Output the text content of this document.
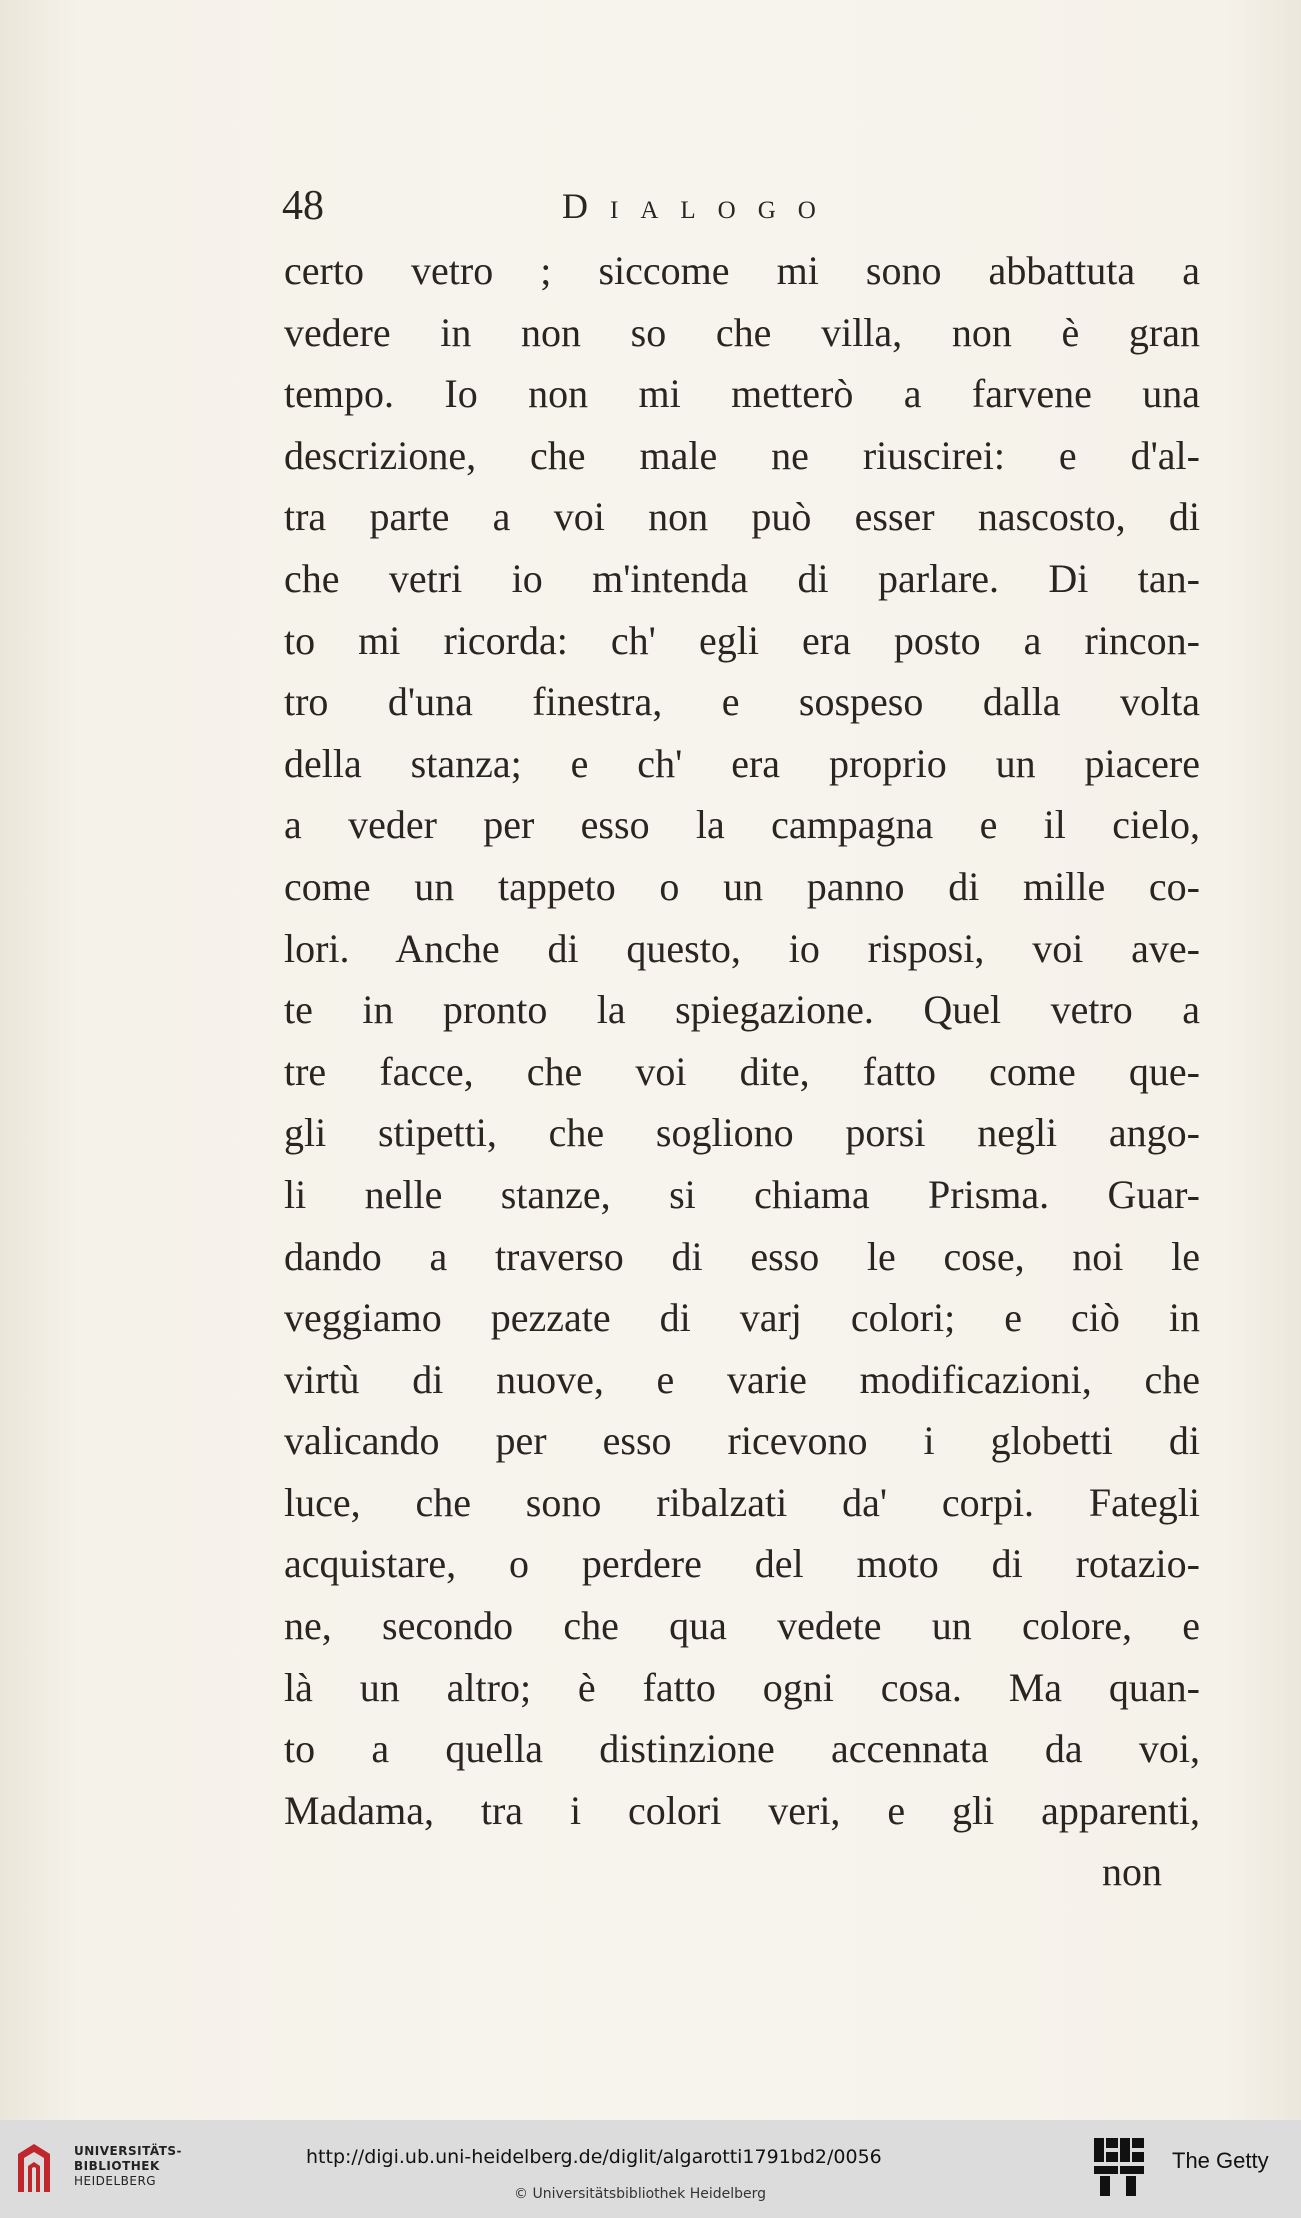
48	Dialogo
certo vetro ; siccome mi sono abbattuta a
vedere in non so che villa, non è gran
tempo. Io non mi metterò a farvene una
descrizione, che male ne riuscirei: e d'al-
tra parte a voi non può esser nascosto, di
che vetri io m'intenda di parlare. Di tan-
to mi ricorda: ch' egli era posto a rincon-
tro d'una finestra, e sospeso dalla volta
della stanza; e ch' era proprio un piacere
a veder per esso la campagna e il cielo,
come un tappeto o un panno di mille co-
lori. Anche di questo, io risposi, voi ave-
te in pronto la spiegazione. Quel vetro a
tre facce, che voi dite, fatto come que-
gli stipetti, che sogliono porsi negli ango-
li nelle stanze, si chiama Prisma. Guar-
dando a traverso di esso le cose, noi le
veggiamo pezzate di varj colori; e ciò in
virtù di nuove, e varie modificazioni, che
valicando per esso ricevono i globetti di
luce, che sono ribalzati da' corpi. Fategli
acquistare, o perdere del moto di rotazio-
ne, secondo che qua vedete un colore, e
là un altro; è fatto ogni cosa. Ma quan-
to a quella distinzione accennata da voi,
Madama, tra i colori veri, e gli apparenti,
non
UNIVERSITÄTS-
BIBLIOTHEK
HEIDELBERG
http://digi.ub.uni-heidelberg.de/diglit/algarotti1791bd2/0056
© Universitätsbibliothek Heidelberg
The Getty
